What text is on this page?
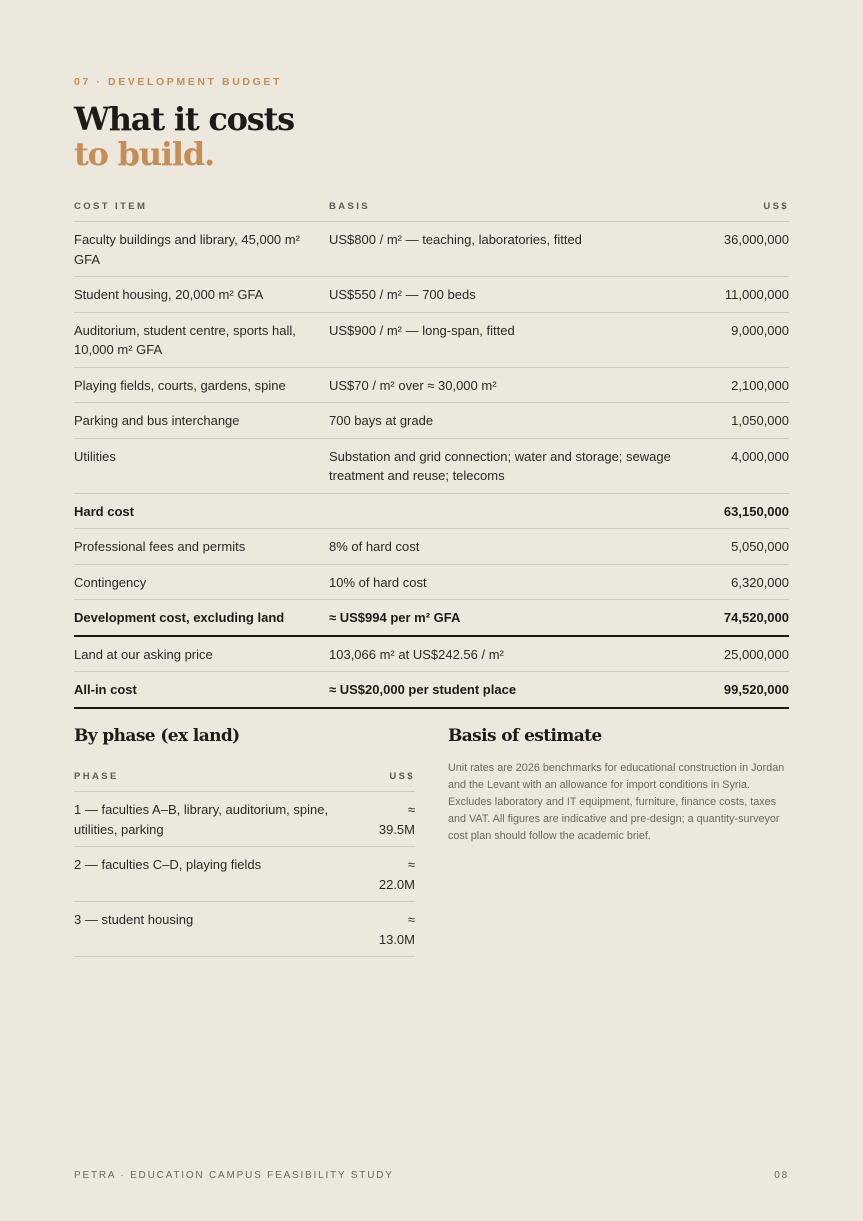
07 · DEVELOPMENT BUDGET
What it costs
to build.
COST ITEM	BASIS	US$
Faculty buildings and library, 45,000 m² GFA	US$800 / m² — teaching, laboratories, fitted	36,000,000
Student housing, 20,000 m² GFA	US$550 / m² — 700 beds	11,000,000
Auditorium, student centre, sports hall, 10,000 m² GFA	US$900 / m² — long-span, fitted	9,000,000
Playing fields, courts, gardens, spine	US$70 / m² over ≈ 30,000 m²	2,100,000
Parking and bus interchange	700 bays at grade	1,050,000
Utilities	Substation and grid connection; water and storage; sewage treatment and reuse; telecoms	4,000,000
Hard cost		63,150,000
Professional fees and permits	8% of hard cost	5,050,000
Contingency	10% of hard cost	6,320,000
Development cost, excluding land	≈ US$994 per m² GFA	74,520,000
Land at our asking price	103,066 m² at US$242.56 / m²	25,000,000
All-in cost	≈ US$20,000 per student place	99,520,000
By phase (ex land)
PHASE	US$
1 — faculties A–B, library, auditorium, spine, utilities, parking	≈
39.5M
2 — faculties C–D, playing fields	≈
22.0M
3 — student housing	≈
13.0M
Basis of estimate

Unit rates are 2026 benchmarks for educational construction in Jordan and the Levant with an allowance for import conditions in Syria. Excludes laboratory and IT equipment, furniture, finance costs, taxes and VAT. All figures are indicative and pre-design; a quantity-surveyor cost plan should follow the academic brief.

PETRA · EDUCATION CAMPUS FEASIBILITY STUDY	08
